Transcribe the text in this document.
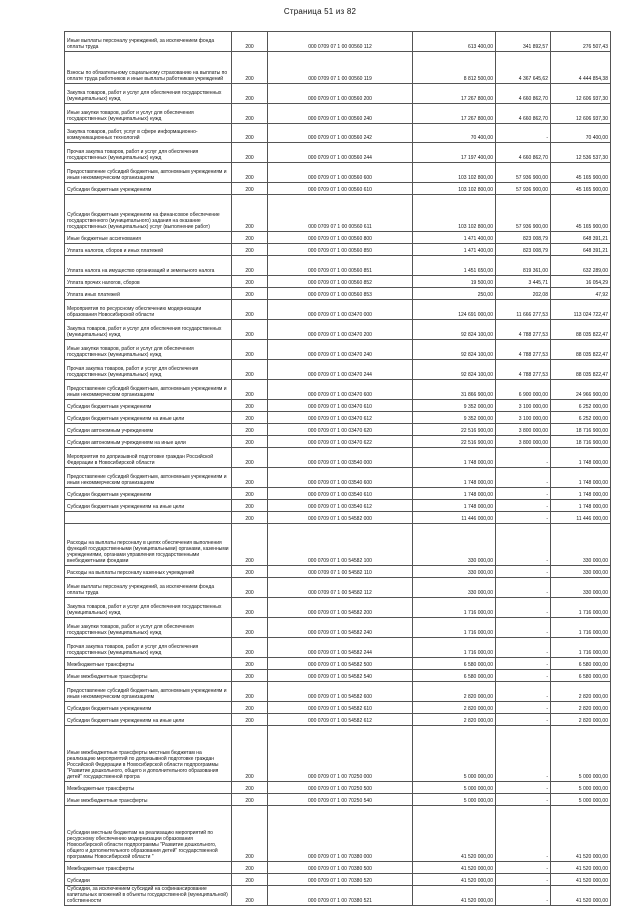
Страница 51 из 82
Иные выплаты персоналу учреждений, за исключением фонда оплаты труда	200	000 0709 07 1 00 00560 112	613 400,00	341 892,57	276 507,43
Взносы по обязательному социальному страхованию на выплаты по оплате труда работников и иные выплаты работникам учреждений	200	000 0709 07 1 00 00560 119	8 812 500,00	4 367 645,62	4 444 854,38
Закупка товаров, работ и услуг для обеспечения государственных (муниципальных) нужд	200	000 0709 07 1 00 00560 200	17 267 800,00	4 660 862,70	12 606 937,30
Иные закупки товаров, работ и услуг для обеспечения государственных (муниципальных) нужд	200	000 0709 07 1 00 00560 240	17 267 800,00	4 660 862,70	12 606 937,30
Закупка товаров, работ, услуг в сфере информационно-коммуникационных технологий	200	000 0709 07 1 00 00560 242	70 400,00	-	70 400,00
Прочая закупка товаров, работ и услуг для обеспечения государственных (муниципальных) нужд	200	000 0709 07 1 00 00560 244	17 197 400,00	4 660 862,70	12 536 537,30
Предоставление субсидий бюджетным, автономным учреждениям и иным некоммерческим организациям	200	000 0709 07 1 00 00560 600	103 102 800,00	57 936 900,00	45 165 900,00
Субсидии бюджетным учреждениям	200	000 0709 07 1 00 00560 610	103 102 800,00	57 936 900,00	45 165 900,00
Субсидии бюджетным учреждениям на финансовое обеспечение государственного (муниципального) задания на оказание государственных (муниципальных) услуг (выполнение работ)	200	000 0709 07 1 00 00560 611	103 102 800,00	57 936 900,00	45 165 900,00
Иные бюджетные ассигнования	200	000 0709 07 1 00 00560 800	1 471 400,00	823 008,79	648 391,21
Уплата налогов, сборов и иных платежей	200	000 0709 07 1 00 00560 850	1 471 400,00	823 008,79	648 391,21
Уплата налога на имущество организаций и земельного налога	200	000 0709 07 1 00 00560 851	1 451 650,00	819 361,00	632 289,00
Уплата прочих налогов, сборов	200	000 0709 07 1 00 00560 852	19 500,00	3 445,71	16 054,29
Уплата иных платежей	200	000 0709 07 1 00 00560 853	250,00	202,08	47,92
Мероприятия по ресурсному обеспечению модернизации образования Новосибирской области	200	000 0709 07 1 00 03470 000	124 691 000,00	11 666 277,53	113 024 722,47
Закупка товаров, работ и услуг для обеспечения государственных (муниципальных) нужд	200	000 0709 07 1 00 03470 200	92 824 100,00	4 788 277,53	88 035 822,47
Иные закупки товаров, работ и услуг для обеспечения государственных (муниципальных) нужд	200	000 0709 07 1 00 03470 240	92 824 100,00	4 788 277,53	88 035 822,47
Прочая закупка товаров, работ и услуг для обеспечения государственных (муниципальных) нужд	200	000 0709 07 1 00 03470 244	92 824 100,00	4 788 277,53	88 035 822,47
Предоставление субсидий бюджетным, автономным учреждениям и иным некоммерческим организациям	200	000 0709 07 1 00 03470 600	31 866 900,00	6 900 000,00	24 966 900,00
Субсидии бюджетным учреждениям	200	000 0709 07 1 00 03470 610	9 352 000,00	3 100 000,00	6 252 000,00
Субсидии бюджетным учреждениям на иные цели	200	000 0709 07 1 00 03470 612	9 352 000,00	3 100 000,00	6 252 000,00
Субсидии автономным учреждениям	200	000 0709 07 1 00 03470 620	22 516 900,00	3 800 000,00	18 716 900,00
Субсидии автономным учреждениям на иные цели	200	000 0709 07 1 00 03470 622	22 516 900,00	3 800 000,00	18 716 900,00
Мероприятия по допризывной подготовке граждан Российской Федерации в Новосибирской области	200	000 0709 07 1 00 03540 000	1 748 000,00	-	1 748 000,00
Предоставление субсидий бюджетным, автономным учреждениям и иным некоммерческим организациям	200	000 0709 07 1 00 03540 600	1 748 000,00	-	1 748 000,00
Субсидии бюджетным учреждениям	200	000 0709 07 1 00 03540 610	1 748 000,00	-	1 748 000,00
Субсидии бюджетным учреждениям на иные цели	200	000 0709 07 1 00 03540 612	1 748 000,00	-	1 748 000,00
	200	000 0709 07 1 00 54582 000	11 446 000,00	-	11 446 000,00
Расходы на выплаты персоналу в целях обеспечения выполнения функций государственными (муниципальными) органами, казенными учреждениями, органами управления государственными внебюджетными фондами	200	000 0709 07 1 00 54582 100	330 000,00	-	330 000,00
Расходы на выплаты персоналу казенных учреждений	200	000 0709 07 1 00 54582 110	330 000,00	-	330 000,00
Иные выплаты персоналу учреждений, за исключением фонда оплаты труда	200	000 0709 07 1 00 54582 112	330 000,00	-	330 000,00
Закупка товаров, работ и услуг для обеспечения государственных (муниципальных) нужд	200	000 0709 07 1 00 54582 200	1 716 000,00	-	1 716 000,00
Иные закупки товаров, работ и услуг для обеспечения государственных (муниципальных) нужд	200	000 0709 07 1 00 54582 240	1 716 000,00	-	1 716 000,00
Прочая закупка товаров, работ и услуг для обеспечения государственных (муниципальных) нужд	200	000 0709 07 1 00 54582 244	1 716 000,00	-	1 716 000,00
Межбюджетные трансферты	200	000 0709 07 1 00 54582 500	6 580 000,00	-	6 580 000,00
Иные межбюджетные трансферты	200	000 0709 07 1 00 54582 540	6 580 000,00	-	6 580 000,00
Предоставление субсидий бюджетным, автономным учреждениям и иным некоммерческим организациям	200	000 0709 07 1 00 54582 600	2 820 000,00	-	2 820 000,00
Субсидии бюджетным учреждениям	200	000 0709 07 1 00 54582 610	2 820 000,00	-	2 820 000,00
Субсидии бюджетным учреждениям на иные цели	200	000 0709 07 1 00 54582 612	2 820 000,00	-	2 820 000,00
Иные межбюджетные трансферты местным бюджетам на реализацию мероприятий по допризывной подготовке граждан Российской Федерации в Новосибирской области подпрограммы "Развитие дошкольного, общего и дополнительного образования детей" государственной програ	200	000 0709 07 1 00 70250 000	5 000 000,00	-	5 000 000,00
Межбюджетные трансферты	200	000 0709 07 1 00 70250 500	5 000 000,00	-	5 000 000,00
Иные межбюджетные трансферты	200	000 0709 07 1 00 70250 540	5 000 000,00	-	5 000 000,00
Субсидии местным бюджетам на реализацию мероприятий по ресурсному обеспечению модернизации образования Новосибирской области подпрограммы "Развитие дошкольного, общего и дополнительного образования детей" государственной программы Новосибирской области "	200	000 0709 07 1 00 70380 000	41 520 000,00	-	41 520 000,00
Межбюджетные трансферты	200	000 0709 07 1 00 70380 500	41 520 000,00	-	41 520 000,00
Субсидии	200	000 0709 07 1 00 70380 520	41 520 000,00	-	41 520 000,00
Субсидии, за исключением субсидий на софинансирование капитальных вложений в объекты государственной (муниципальной) собственности	200	000 0709 07 1 00 70380 521	41 520 000,00	-	41 520 000,00
